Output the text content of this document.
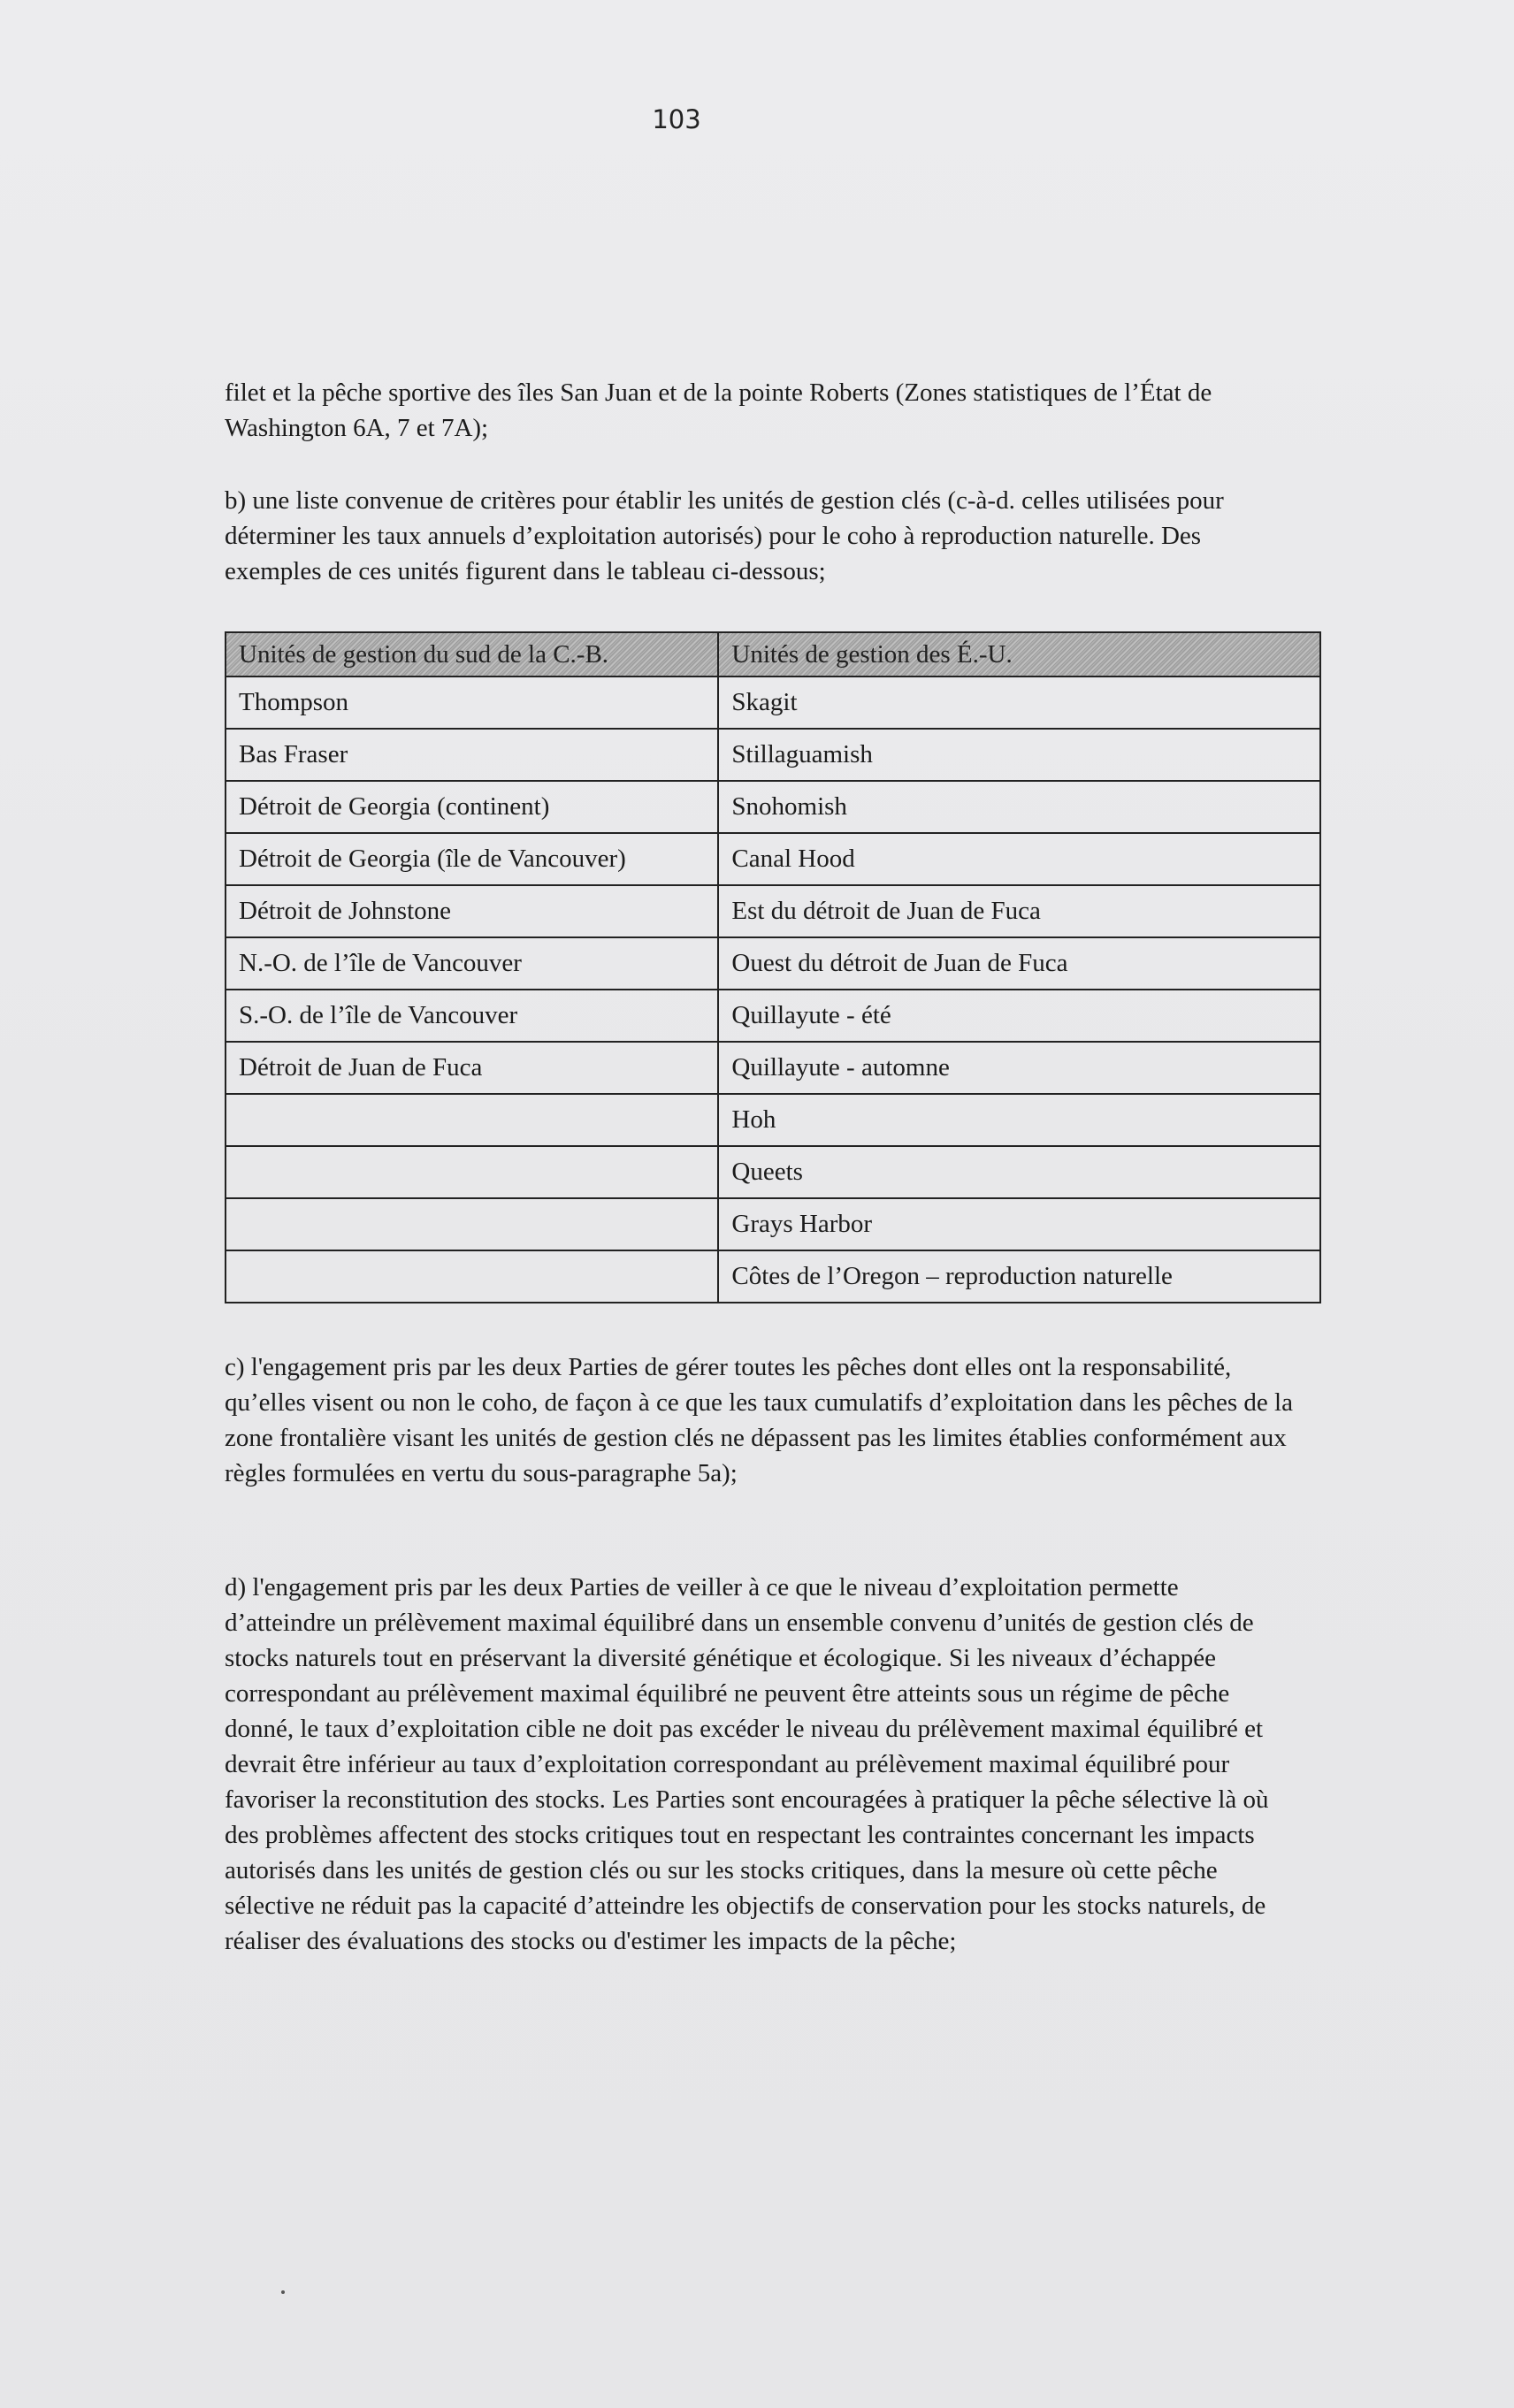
103

filet et la pêche sportive des îles San Juan et de la pointe Roberts (Zones statistiques de l’État de Washington 6A, 7 et 7A);

b) une liste convenue de critères pour établir les unités de gestion clés (c-à-d. celles utilisées pour déterminer les taux annuels d’exploitation autorisés) pour le coho à reproduction naturelle. Des exemples de ces unités figurent dans le tableau ci-dessous;

Unités de gestion du sud de la C.-B.	Unités de gestion des É.-U.
Thompson	Skagit
Bas Fraser	Stillaguamish
Détroit de Georgia (continent)	Snohomish
Détroit de Georgia (île de Vancouver)	Canal Hood
Détroit de Johnstone	Est du détroit de Juan de Fuca
N.-O. de l’île de Vancouver	Ouest du détroit de Juan de Fuca
S.-O. de l’île de Vancouver	Quillayute - été
Détroit de Juan de Fuca	Quillayute - automne
	Hoh
	Queets
	Grays Harbor
	Côtes de l’Oregon – reproduction naturelle

c) l'engagement pris par les deux Parties de gérer toutes les pêches dont elles ont la responsabilité, qu’elles visent ou non le coho, de façon à ce que les taux cumulatifs d’exploitation dans les pêches de la zone frontalière visant les unités de gestion clés ne dépassent pas les limites établies conformément aux règles formulées en vertu du sous-paragraphe 5a);

d) l'engagement pris par les deux Parties de veiller à ce que le niveau d’exploitation permette d’atteindre un prélèvement maximal équilibré dans un ensemble convenu d’unités de gestion clés de stocks naturels tout en préservant la diversité génétique et écologique. Si les niveaux d’échappée correspondant au prélèvement maximal équilibré ne peuvent être atteints sous un régime de pêche donné, le taux d’exploitation cible ne doit pas excéder le niveau du prélèvement maximal équilibré et devrait être inférieur au taux d’exploitation correspondant au prélèvement maximal équilibré pour favoriser la reconstitution des stocks. Les Parties sont encouragées à pratiquer la pêche sélective là où des problèmes affectent des stocks critiques tout en respectant les contraintes concernant les impacts autorisés dans les unités de gestion clés ou sur les stocks critiques, dans la mesure où cette pêche sélective ne réduit pas la capacité d’atteindre les objectifs de conservation pour les stocks naturels, de réaliser des évaluations des stocks ou d'estimer les impacts de la pêche;
